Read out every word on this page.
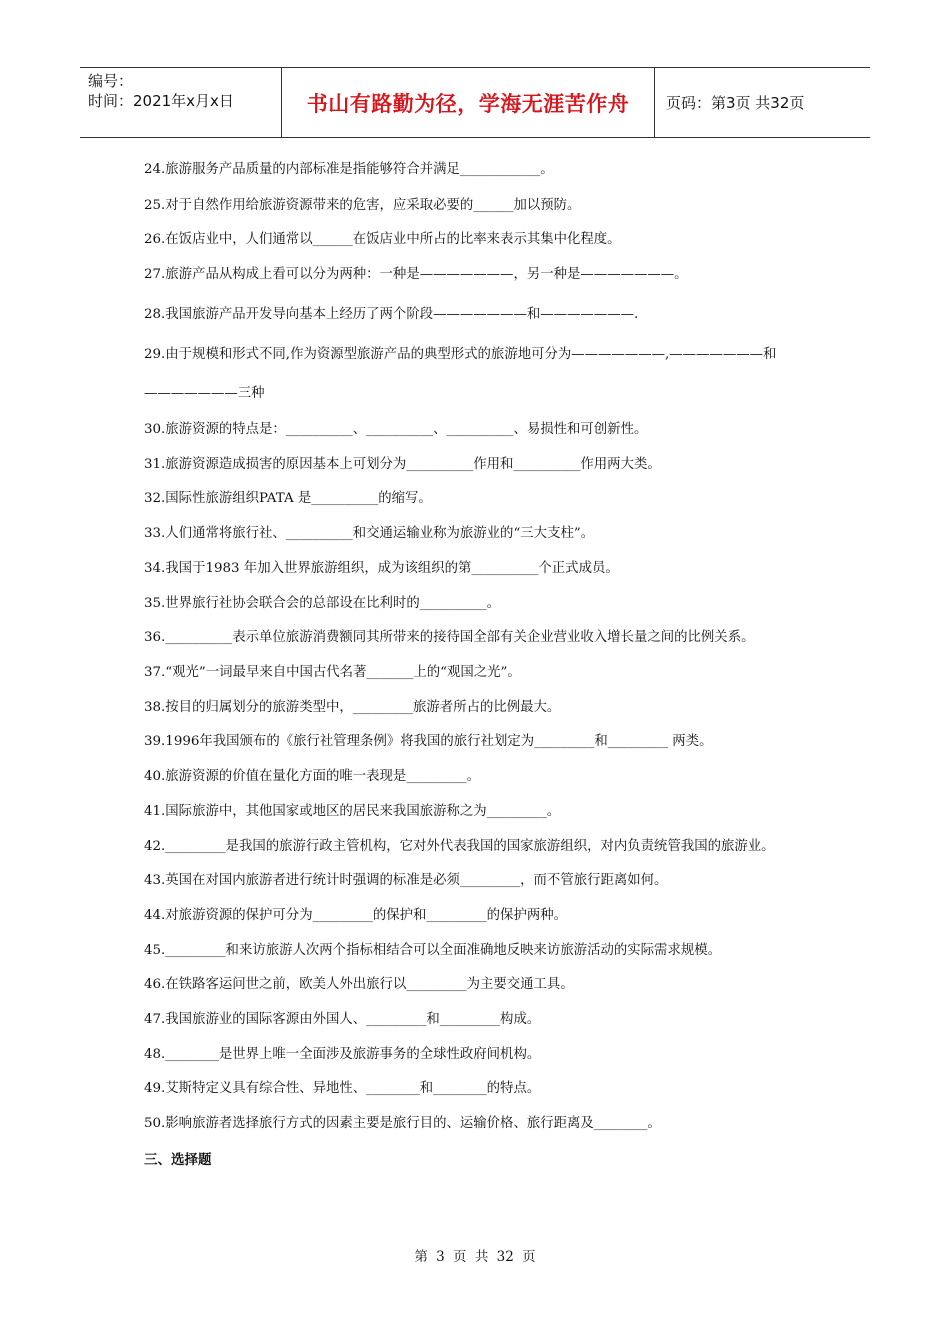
编号：
时间：2021年x月x日	书山有路勤为径，学海无涯苦作舟	页码：第3页 共32页
24.旅游服务产品质量的内部标准是指能够符合并满足____________。
25.对于自然作用给旅游资源带来的危害，应采取必要的______加以预防。
26.在饭店业中，人们通常以______在饭店业中所占的比率来表示其集中化程度。
27.旅游产品从构成上看可以分为两种：一种是———————，另一种是———————。
28.我国旅游产品开发导向基本上经历了两个阶段———————和———————.
29.由于规模和形式不同,作为资源型旅游产品的典型形式的旅游地可分为———————,———————和
———————三种
30.旅游资源的特点是：__________、__________、__________、易损性和可创新性。
31.旅游资源造成损害的原因基本上可划分为__________作用和__________作用两大类。
32.国际性旅游组织PATA 是__________的缩写。
33.人们通常将旅行社、__________和交通运输业称为旅游业的“三大支柱”。
34.我国于1983 年加入世界旅游组织，成为该组织的第__________个正式成员。
35.世界旅行社协会联合会的总部设在比利时的__________。
36.__________表示单位旅游消费额同其所带来的接待国全部有关企业营业收入增长量之间的比例关系。
37.“观光”一词最早来自中国古代名著_______上的“观国之光”。
38.按目的归属划分的旅游类型中，_________旅游者所占的比例最大。
39.1996年我国颁布的《旅行社管理条例》将我国的旅行社划定为_________和_________ 两类。
40.旅游资源的价值在量化方面的唯一表现是_________。
41.国际旅游中，其他国家或地区的居民来我国旅游称之为_________。
42._________是我国的旅游行政主管机构，它对外代表我国的国家旅游组织，对内负责统管我国的旅游业。
43.英国在对国内旅游者进行统计时强调的标准是必须_________，而不管旅行距离如何。
44.对旅游资源的保护可分为_________的保护和_________的保护两种。
45._________和来访旅游人次两个指标相结合可以全面准确地反映来访旅游活动的实际需求规模。
46.在铁路客运问世之前，欧美人外出旅行以_________为主要交通工具。
47.我国旅游业的国际客源由外国人、_________和_________构成。
48.________是世界上唯一全面涉及旅游事务的全球性政府间机构。
49.艾斯特定义具有综合性、异地性、________和________的特点。
50.影响旅游者选择旅行方式的因素主要是旅行目的、运输价格、旅行距离及________。
三、选择题
第 3 页 共 32 页
